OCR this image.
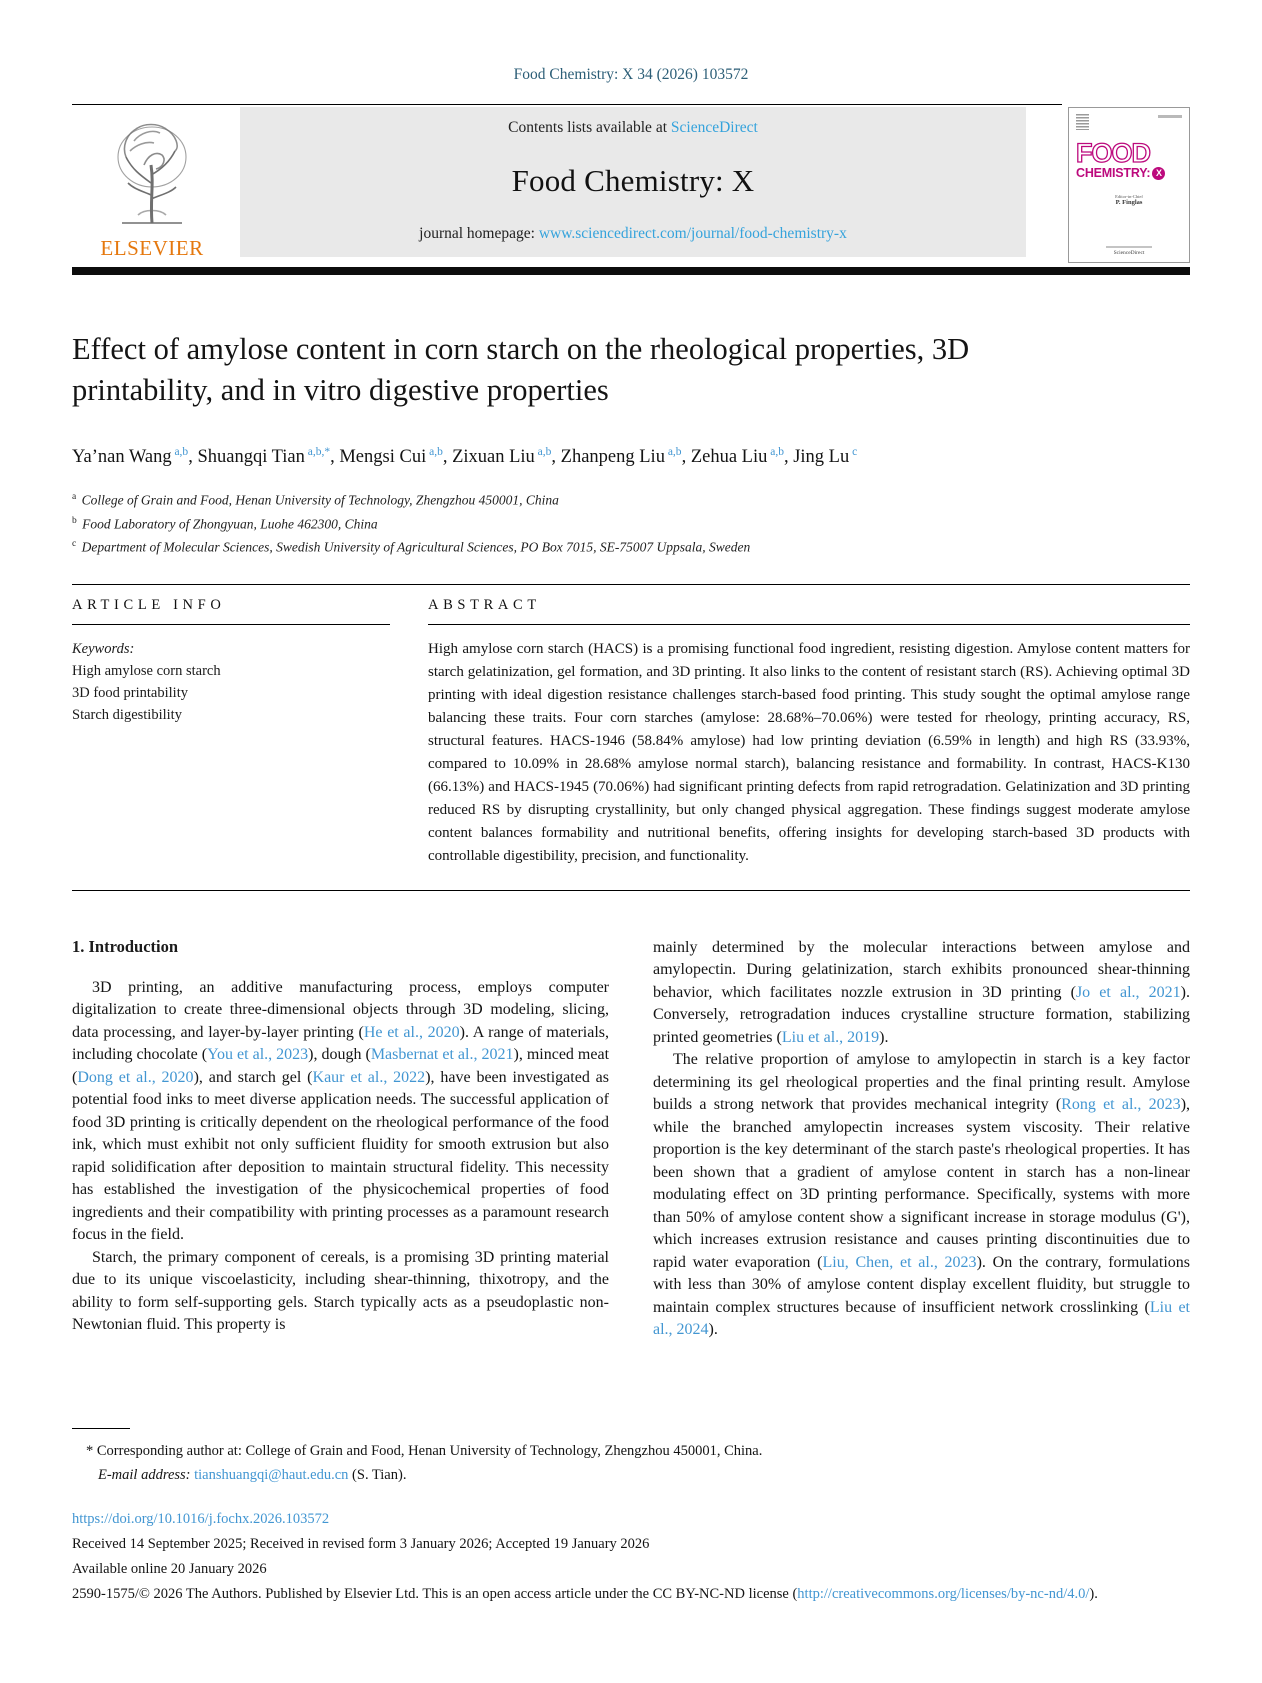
Food Chemistry: X 34 (2026) 103572
ELSEVIER
Contents lists available at ScienceDirect
Food Chemistry: X
journal homepage: www.sciencedirect.com/journal/food-chemistry-x
FOOD
CHEMISTRY: X
Editor-in-Chief
P. Finglas
ScienceDirect
Effect of amylose content in corn starch on the rheological properties, 3D printability, and in vitro digestive properties
Ya’nan Wang $^{a,b}$, Shuangqi Tian $^{a,b,*}$, Mengsi Cui $^{a,b}$, Zixuan Liu $^{a,b}$, Zhanpeng Liu $^{a,b}$, Zehua Liu $^{a,b}$, Jing Lu $^c$
$^a$ College of Grain and Food, Henan University of Technology, Zhengzhou 450001, China
$^b$ Food Laboratory of Zhongyuan, Luohe 462300, China
$^c$ Department of Molecular Sciences, Swedish University of Agricultural Sciences, PO Box 7015, SE-75007 Uppsala, Sweden
ARTICLE INFO
Keywords:
High amylose corn starch
3D food printability
Starch digestibility
ABSTRACT
High amylose corn starch (HACS) is a promising functional food ingredient, resisting digestion. Amylose content matters for starch gelatinization, gel formation, and 3D printing. It also links to the content of resistant starch (RS). Achieving optimal 3D printing with ideal digestion resistance challenges starch-based food printing. This study sought the optimal amylose range balancing these traits. Four corn starches (amylose: 28.68%–70.06%) were tested for rheology, printing accuracy, RS, structural features. HACS-1946 (58.84% amylose) had low printing deviation (6.59% in length) and high RS (33.93%, compared to 10.09% in 28.68% amylose normal starch), balancing resistance and formability. In contrast, HACS-K130 (66.13%) and HACS-1945 (70.06%) had significant printing defects from rapid retrogradation. Gelatinization and 3D printing reduced RS by disrupting crystallinity, but only changed physical aggregation. These findings suggest moderate amylose content balances formability and nutritional benefits, offering insights for developing starch-based 3D products with controllable digestibility, precision, and functionality.
1. Introduction
3D printing, an additive manufacturing process, employs computer digitalization to create three-dimensional objects through 3D modeling, slicing, data processing, and layer-by-layer printing (He et al., 2020). A range of materials, including chocolate (You et al., 2023), dough (Masbernat et al., 2021), minced meat (Dong et al., 2020), and starch gel (Kaur et al., 2022), have been investigated as potential food inks to meet diverse application needs. The successful application of food 3D printing is critically dependent on the rheological performance of the food ink, which must exhibit not only sufficient fluidity for smooth extrusion but also rapid solidification after deposition to maintain structural fidelity. This necessity has established the investigation of the physicochemical properties of food ingredients and their compatibility with printing processes as a paramount research focus in the field.
Starch, the primary component of cereals, is a promising 3D printing material due to its unique viscoelasticity, including shear-thinning, thixotropy, and the ability to form self-supporting gels. Starch typically acts as a pseudoplastic non-Newtonian fluid. This property is
mainly determined by the molecular interactions between amylose and amylopectin. During gelatinization, starch exhibits pronounced shear-thinning behavior, which facilitates nozzle extrusion in 3D printing (Jo et al., 2021). Conversely, retrogradation induces crystalline structure formation, stabilizing printed geometries (Liu et al., 2019).
The relative proportion of amylose to amylopectin in starch is a key factor determining its gel rheological properties and the final printing result. Amylose builds a strong network that provides mechanical integrity (Rong et al., 2023), while the branched amylopectin increases system viscosity. Their relative proportion is the key determinant of the starch paste's rheological properties. It has been shown that a gradient of amylose content in starch has a non-linear modulating effect on 3D printing performance. Specifically, systems with more than 50% of amylose content show a significant increase in storage modulus (G'), which increases extrusion resistance and causes printing discontinuities due to rapid water evaporation (Liu, Chen, et al., 2023). On the contrary, formulations with less than 30% of amylose content display excellent fluidity, but struggle to maintain complex structures because of insufficient network crosslinking (Liu et al., 2024).
* Corresponding author at: College of Grain and Food, Henan University of Technology, Zhengzhou 450001, China.
E-mail address: tianshuangqi@haut.edu.cn (S. Tian).
https://doi.org/10.1016/j.fochx.2026.103572
Received 14 September 2025; Received in revised form 3 January 2026; Accepted 19 January 2026
Available online 20 January 2026
2590-1575/© 2026 The Authors. Published by Elsevier Ltd. This is an open access article under the CC BY-NC-ND license (http://creativecommons.org/licenses/by-nc-nd/4.0/).
